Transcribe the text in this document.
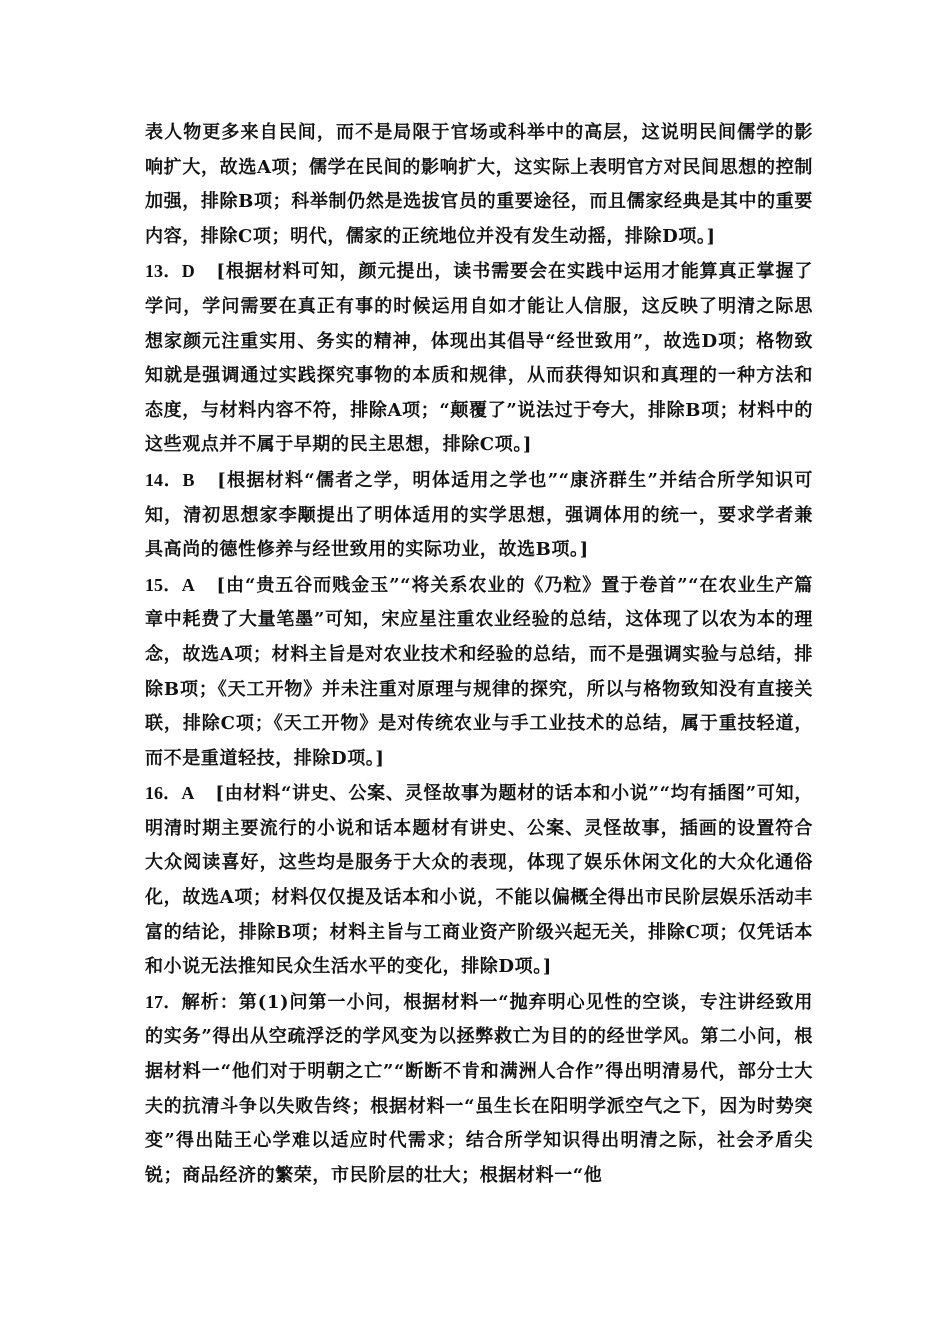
表人物更多来自民间，而不是局限于官场或科举中的高层，这说明民间儒学的影响扩大，故选A项；儒学在民间的影响扩大，这实际上表明官方对民间思想的控制加强，排除B项；科举制仍然是选拔官员的重要途径，而且儒家经典是其中的重要内容，排除C项；明代，儒家的正统地位并没有发生动摇，排除D项。]

13．D [根据材料可知，颜元提出，读书需要会在实践中运用才能算真正掌握了学问，学问需要在真正有事的时候运用自如才能让人信服，这反映了明清之际思想家颜元注重实用、务实的精神，体现出其倡导“经世致用”，故选D项；格物致知就是强调通过实践探究事物的本质和规律，从而获得知识和真理的一种方法和态度，与材料内容不符，排除A项；“颠覆了”说法过于夸大，排除B项；材料中的这些观点并不属于早期的民主思想，排除C项。]

14．B [根据材料“儒者之学，明体适用之学也”“康济群生”并结合所学知识可知，清初思想家李颙提出了明体适用的实学思想，强调体用的统一，要求学者兼具高尚的德性修养与经世致用的实际功业，故选B项。]

15．A [由“贵五谷而贱金玉”“将关系农业的《乃粒》置于卷首”“在农业生产篇章中耗费了大量笔墨”可知，宋应星注重农业经验的总结，这体现了以农为本的理念，故选A项；材料主旨是对农业技术和经验的总结，而不是强调实验与总结，排除B项；《天工开物》并未注重对原理与规律的探究，所以与格物致知没有直接关联，排除C项；《天工开物》是对传统农业与手工业技术的总结，属于重技轻道，而不是重道轻技，排除D项。]

16．A [由材料“讲史、公案、灵怪故事为题材的话本和小说”“均有插图”可知，明清时期主要流行的小说和话本题材有讲史、公案、灵怪故事，插画的设置符合大众阅读喜好，这些均是服务于大众的表现，体现了娱乐休闲文化的大众化通俗化，故选A项；材料仅仅提及话本和小说，不能以偏概全得出市民阶层娱乐活动丰富的结论，排除B项；材料主旨与工商业资产阶级兴起无关，排除C项；仅凭话本和小说无法推知民众生活水平的变化，排除D项。]

17．解析：第(1)问第一小问，根据材料一“抛弃明心见性的空谈，专注讲经致用的实务”得出从空疏浮泛的学风变为以拯弊救亡为目的的经世学风。第二小问，根据材料一“他们对于明朝之亡”“断断不肯和满洲人合作”得出明清易代，部分士大夫的抗清斗争以失败告终；根据材料一“虽生长在阳明学派空气之下，因为时势突变”得出陆王心学难以适应时代需求；结合所学知识得出明清之际，社会矛盾尖锐；商品经济的繁荣，市民阶层的壮大；根据材料一“他
